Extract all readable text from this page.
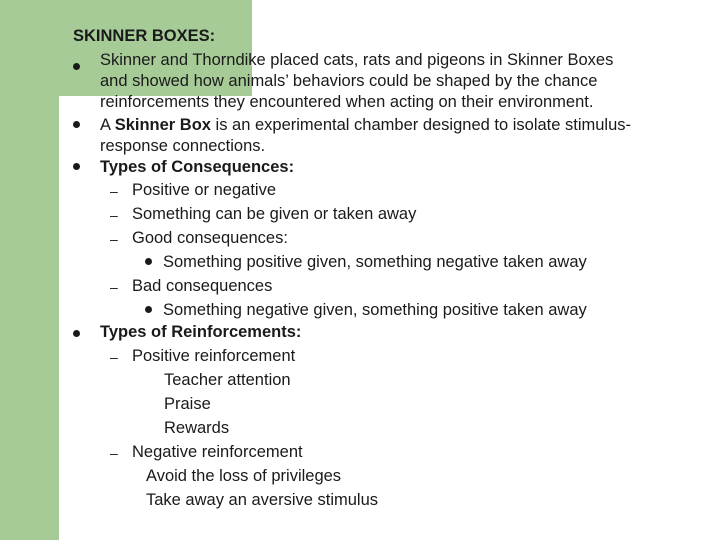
SKINNER BOXES:
Skinner and Thorndike placed cats, rats and pigeons in Skinner Boxes
and showed how animals’ behaviors could be shaped by the chance
reinforcements they encountered when acting on their environment.
A Skinner Box is an experimental chamber designed to isolate stimulus-
response connections.
Types of Consequences:
– Positive or negative
– Something can be given or taken away
– Good consequences:
Something positive given, something negative taken away
– Bad consequences
Something negative given, something positive taken away
Types of Reinforcements:
– Positive reinforcement
Teacher attention
Praise
Rewards
– Negative reinforcement
Avoid the loss of privileges
Take away an aversive stimulus
